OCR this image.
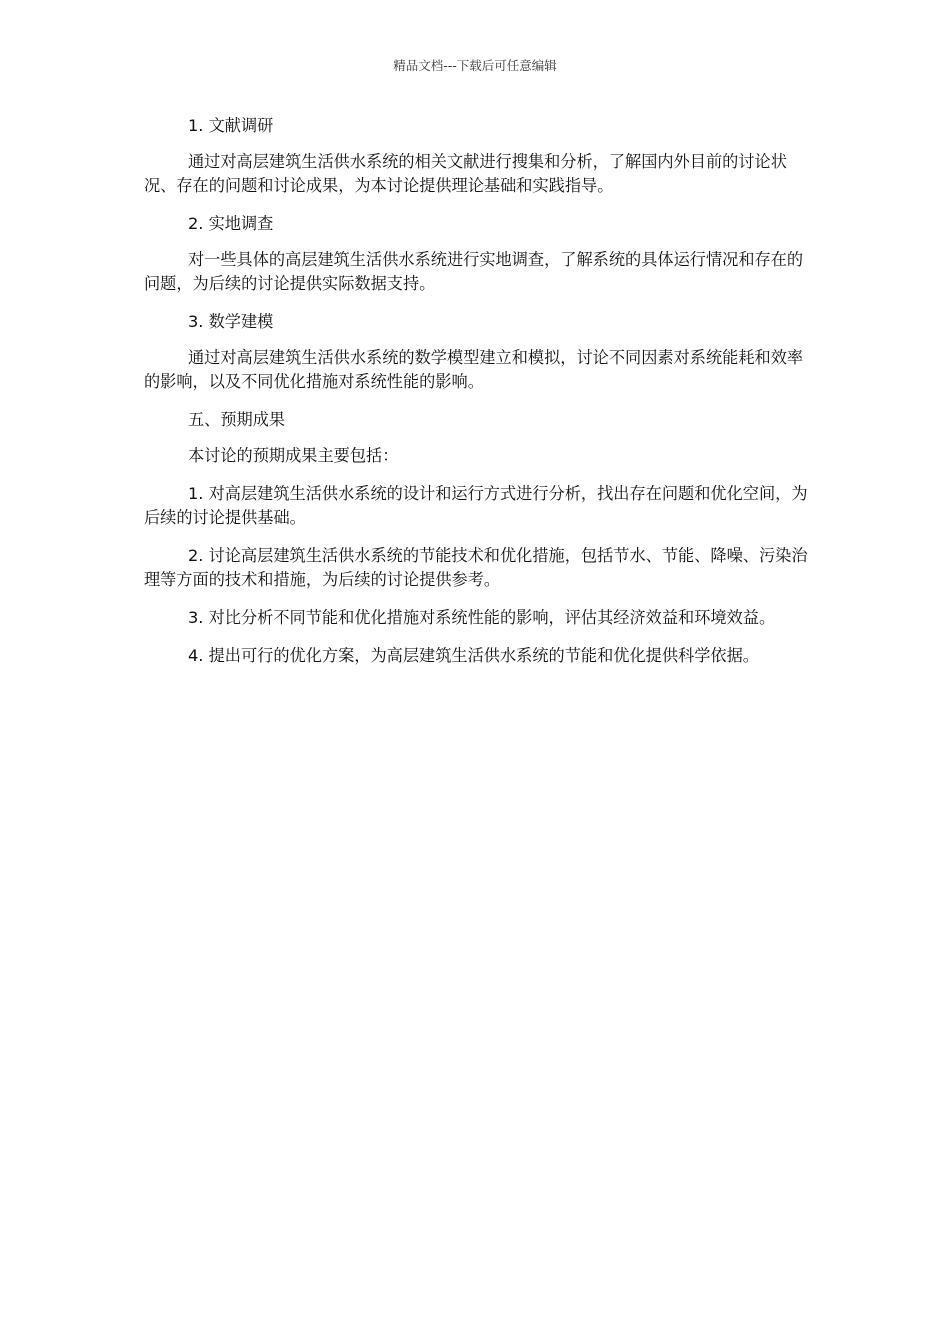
精品文档---下载后可任意编辑

1. 文献调研

通过对高层建筑生活供水系统的相关文献进行搜集和分析，了解国内外目前的讨论状况、存在的问题和讨论成果，为本讨论提供理论基础和实践指导。

2. 实地调查

对一些具体的高层建筑生活供水系统进行实地调查，了解系统的具体运行情况和存在的问题，为后续的讨论提供实际数据支持。

3. 数学建模

通过对高层建筑生活供水系统的数学模型建立和模拟，讨论不同因素对系统能耗和效率的影响，以及不同优化措施对系统性能的影响。

五、预期成果

本讨论的预期成果主要包括：

1. 对高层建筑生活供水系统的设计和运行方式进行分析，找出存在问题和优化空间，为后续的讨论提供基础。

2. 讨论高层建筑生活供水系统的节能技术和优化措施，包括节水、节能、降噪、污染治理等方面的技术和措施，为后续的讨论提供参考。

3. 对比分析不同节能和优化措施对系统性能的影响，评估其经济效益和环境效益。

4. 提出可行的优化方案，为高层建筑生活供水系统的节能和优化提供科学依据。
